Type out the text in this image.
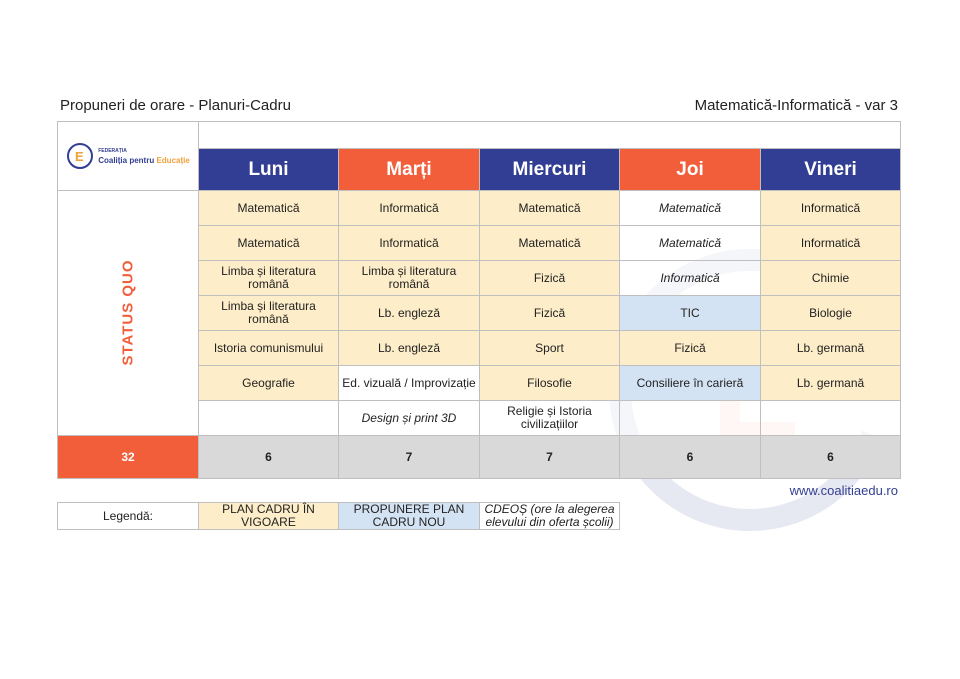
Propuneri de orare - Planuri-Cadru	Matematică-Informatică - var 3
E FEDERAȚIA
Coaliția pentru Educație					

	Luni	Marți	Miercuri	Joi	Vineri
STATUS QUO	Matematică	Informatică	Matematică	Matematică	Informatică
	Matematică	Informatică	Matematică	Matematică	Informatică
	Limba și literatura română	Limba și literatura română	Fizică	Informatică	Chimie
	Limba și literatura română	Lb. engleză	Fizică	TIC	Biologie
	Istoria comunismului	Lb. engleză	Sport	Fizică	Lb. germană
	Geografie	Ed. vizuală / Improvizație	Filosofie	Consiliere în carieră	Lb. germană
		Design și print 3D	Religie și Istoria civilizațiilor		
32	6	7	7	6	6
www.coalitiaedu.ro
Legendă:	PLAN CADRU ÎN VIGOARE	PROPUNERE PLAN CADRU NOU	CDEOȘ (ore la alegerea elevului din oferta școlii)
